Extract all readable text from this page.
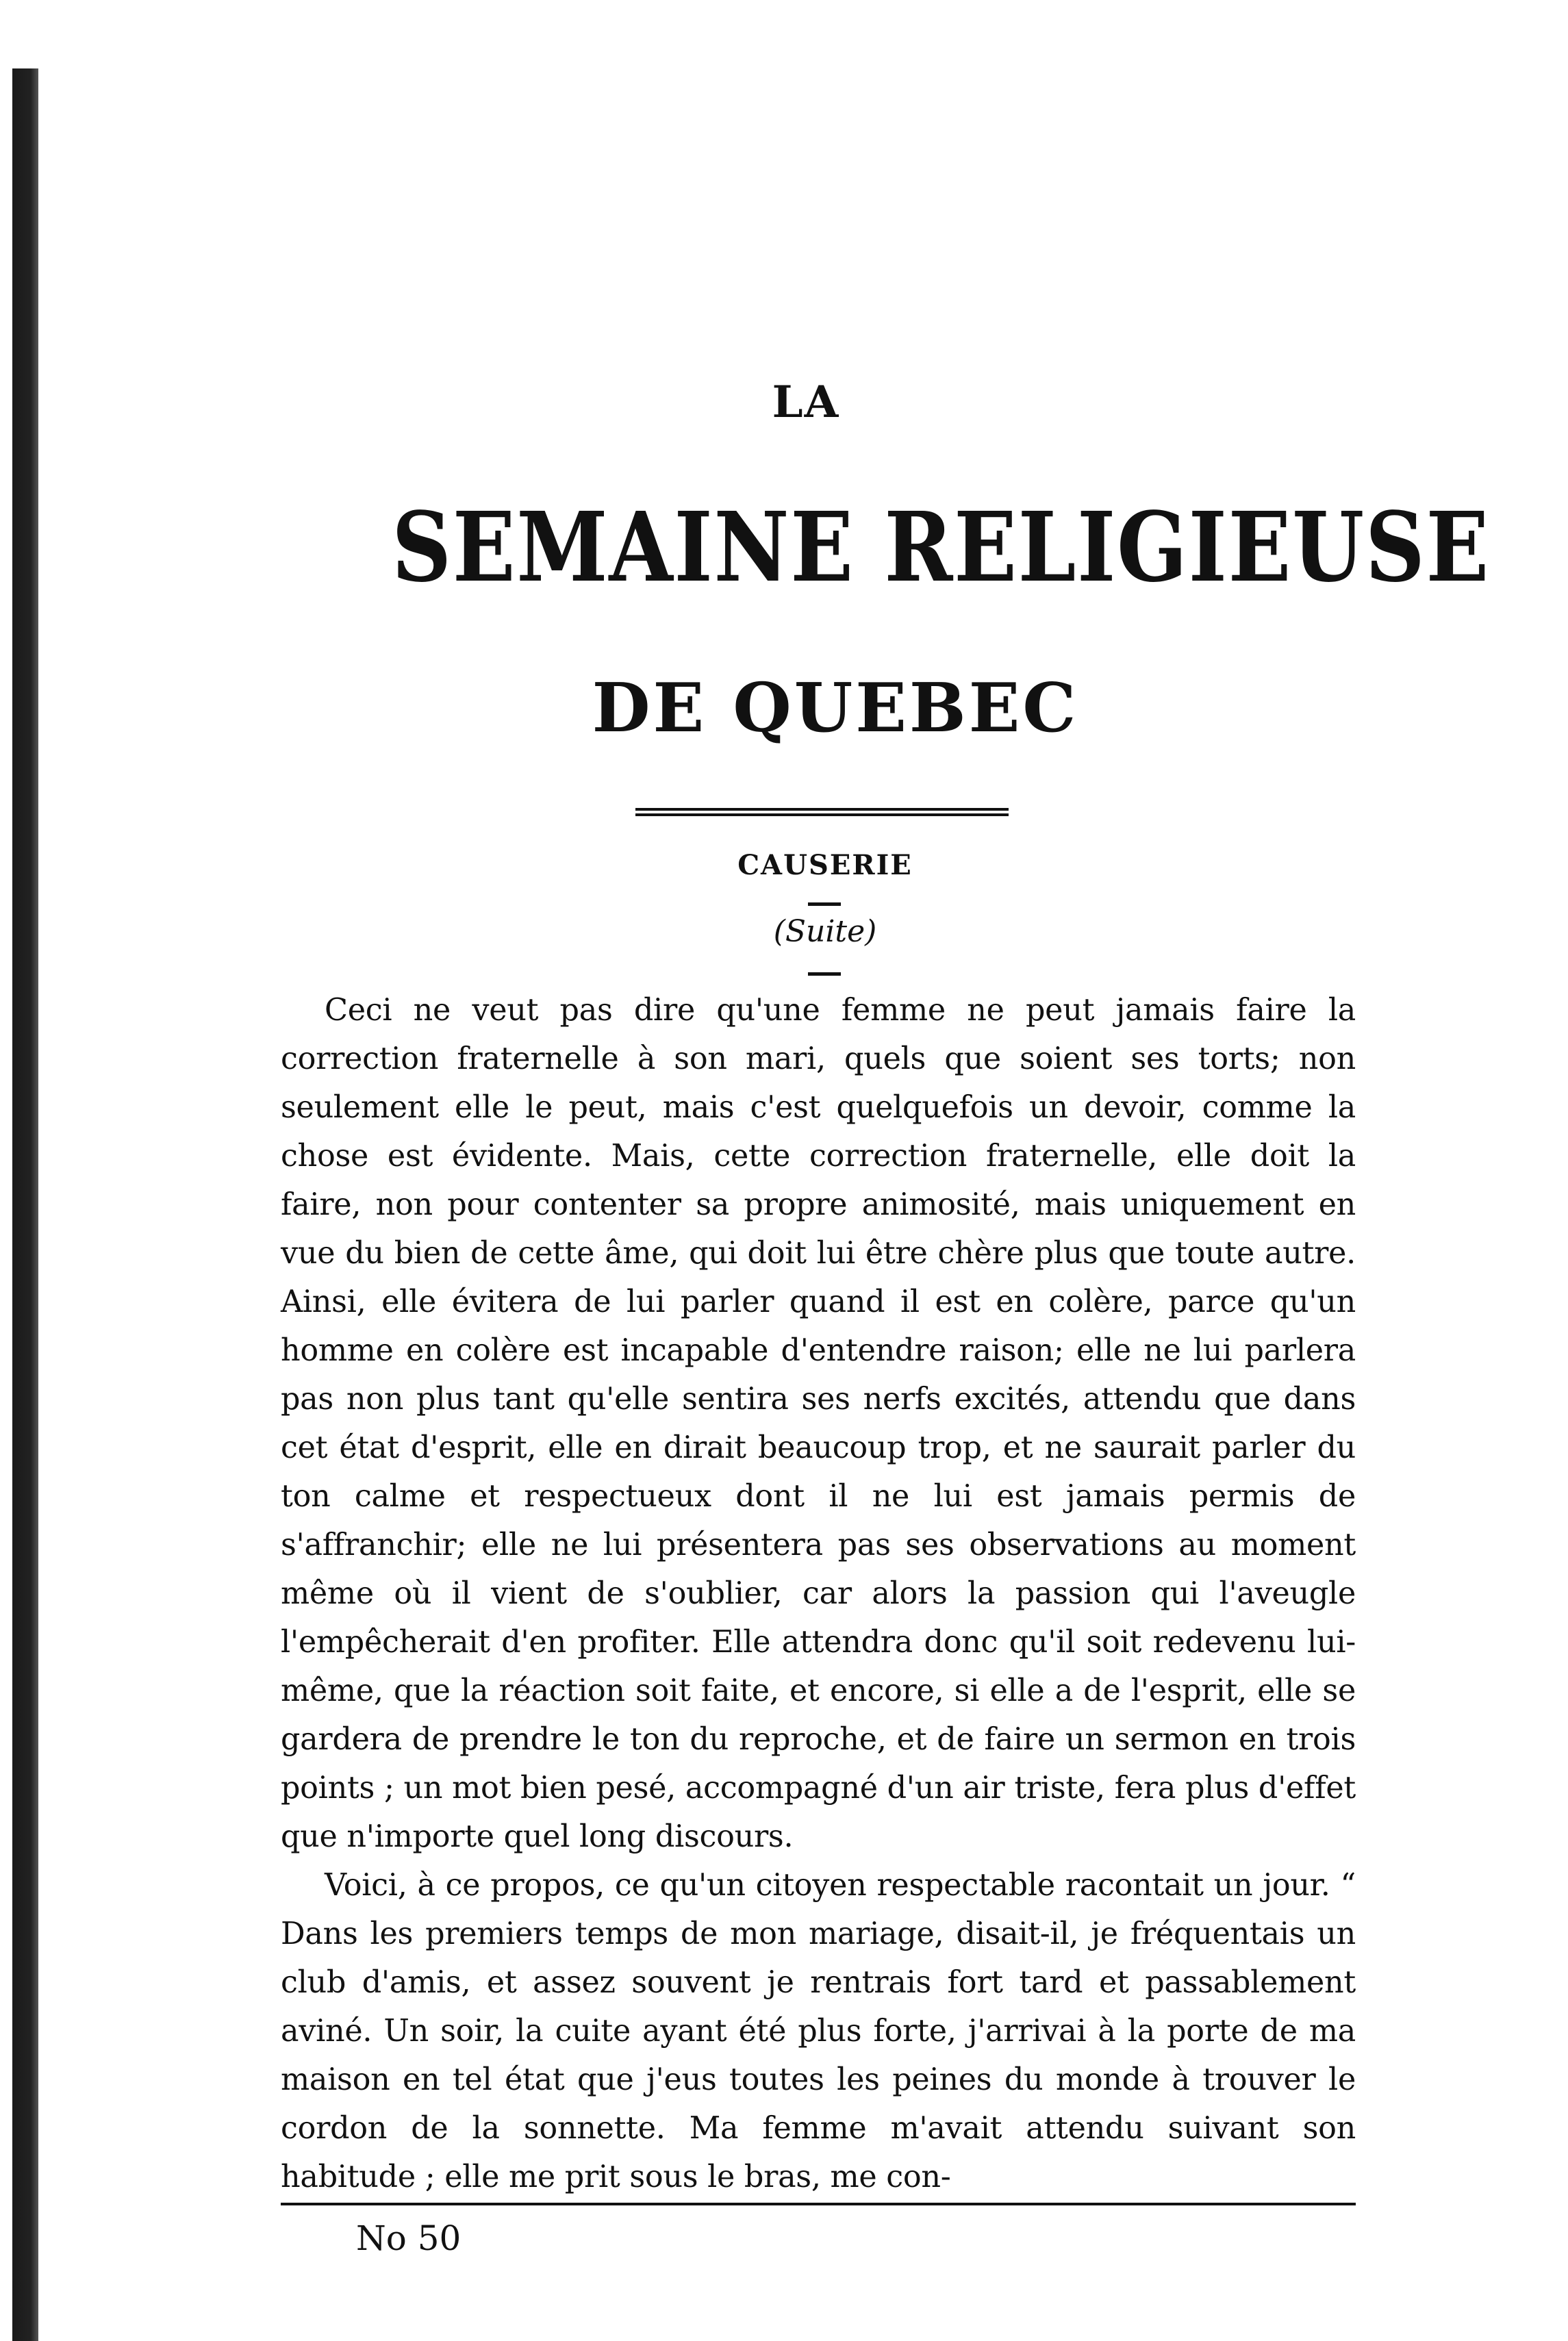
LA
SEMAINE RELIGIEUSE
DE QUEBEC
CAUSERIE
(Suite)

Ceci ne veut pas dire qu'une femme ne peut jamais faire la correction fraternelle à son mari, quels que soient ses torts; non seulement elle le peut, mais c'est quelquefois un devoir, comme la chose est évidente. Mais, cette correction fraternelle, elle doit la faire, non pour contenter sa propre animosité, mais uniquement en vue du bien de cette âme, qui doit lui être chère plus que toute autre. Ainsi, elle évitera de lui parler quand il est en colère, parce qu'un homme en colère est incapable d'entendre raison; elle ne lui parlera pas non plus tant qu'elle sentira ses nerfs excités, attendu que dans cet état d'esprit, elle en dirait beaucoup trop, et ne saurait parler du ton calme et respectueux dont il ne lui est jamais permis de s'affranchir; elle ne lui présentera pas ses observations au moment même où il vient de s'oublier, car alors la passion qui l'aveugle l'empêcherait d'en profiter. Elle attendra donc qu'il soit redevenu lui-même, que la réaction soit faite, et encore, si elle a de l'esprit, elle se gardera de prendre le ton du reproche, et de faire un sermon en trois points ; un mot bien pesé, accompagné d'un air triste, fera plus d'effet que n'importe quel long discours.

Voici, à ce propos, ce qu'un citoyen respectable racontait un jour. “ Dans les premiers temps de mon mariage, disait-il, je fréquentais un club d'amis, et assez souvent je rentrais fort tard et passablement aviné. Un soir, la cuite ayant été plus forte, j'arrivai à la porte de ma maison en tel état que j'eus toutes les peines du monde à trouver le cordon de la sonnette. Ma femme m'avait attendu suivant son habitude ; elle me prit sous le bras, me con-

No 50
